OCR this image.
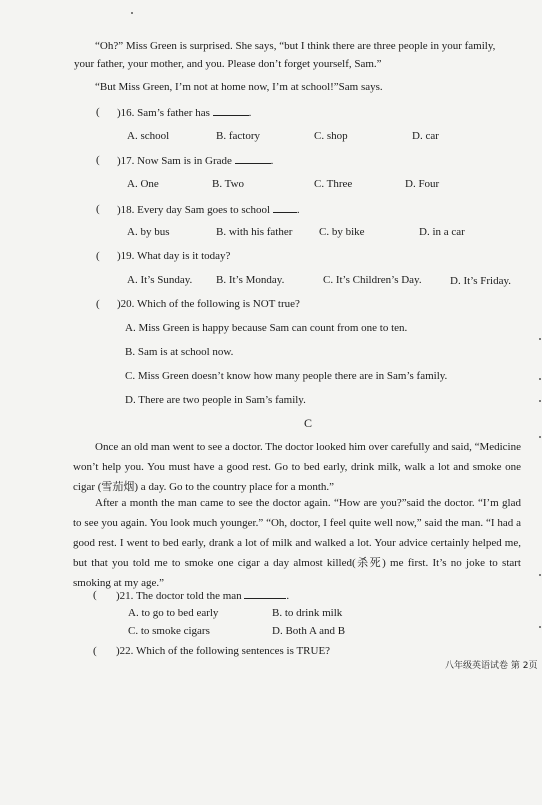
“Oh?” Miss Green is surprised. She says, “but I think there are three people in your family,
your father, your mother, and you. Please don’t forget yourself, Sam.”
“But Miss Green, I’m not at home now, I’m at school!”Sam says.
( )16. Sam’s father has	.
A. school	B. factory	C. shop	D. car
( )17. Now Sam is in Grade	.
A. One	B. Two	C. Three	D. Four
( )18. Every day Sam goes to school .
A. by bus	B. with his father C. by bike	D. in a car
( )19. What day is it today?
A. It’s Sunday. B. It’s Monday.	C. It’s Children’s Day.	D. It’s Friday.
( )20. Which of the following is NOT true?
A. Miss Green is happy because Sam can count from one to ten.
B. Sam is at school now.
C. Miss Green doesn’t know how many people there are in Sam’s family.
D. There are two people in Sam’s family.
C
Once an old man went to see a doctor. The doctor looked him over carefully and said, “Medicine won’t help you. You must have a good rest. Go to bed early, drink milk, walk a lot and smoke one cigar (雪茄烟) a day. Go to the country place for a month.”
After a month the man came to see the doctor again. “How are you?”said the doctor. “I’m glad to see you again. You look much younger.” “Oh, doctor, I feel quite well now,” said the man. “I had a good rest. I went to bed early, drank a lot of milk and walked a lot. Your advice certainly helped me, but that you told me to smoke one cigar a day almost killed(杀死) me first. It’s no joke to start smoking at my age.”
( )21. The doctor told the man	.
A. to go to bed early	B. to drink milk
C. to smoke cigars	D. Both A and B
( )22. Which of the following sentences is TRUE?
八年级英语试卷 第 2页
